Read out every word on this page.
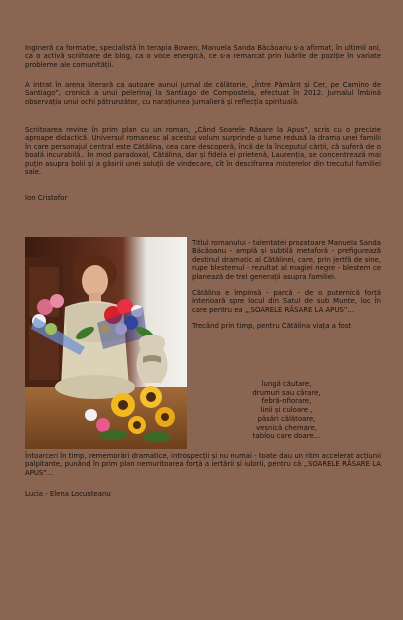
Ingineră ca formație, specialistă în terapia Bowen, Manuela Sanda Băcăoanu s-a afirmat, în ultimii ani, ca o activă scriitoare de blog, ca o voce energică, ce s-a remarcat prin luările de poziție în variate probleme ale comunității.

A intrat în arena literară ca autoare aunui jurnal de călătorie, „Între Pământ și Cer, pe Camino de Santiago”, cronică a unui pelerinaj la Santiago de Compostela, efectuat în 2012. Jurnalul îmbină observația unui ochi pătrunzător, cu narațiunea jurnalieră și reflecția spirituală.

Scriitoarea revine în prim plan cu un roman, „Când Soarele Răsare la Apus”, scris cu o precizie aproape didactică. Universul romanesc al acestui volum surprinde o lume redusă la drama unei familii în care personajul central este Cătălina, cea care descoperă, încă de la începutul cărții, că suferă de o boală incurabilă.. În mod paradoxal, Cătălina, dar și fidela ei prietenă, Laurenția, se concentrează mai puțin asupra bolii și a găsirii unei soluții de vindecare, cît în descifrarea misterelor din trecutul familiei sale.

Ion Cristofor

Titlul romanului - talentatei prozatoare Manuela Sanda Băcăoanu - amplă și subtilă metaforă - prefigurează destinul dramatic al Cătălinei, care, prin jertfă de sine, rupe blestemul - rezultat al magiei negre - blestem ce planează de trei generații asupra familiei.

Cătălina e împinsă - parcă - de o puternică forță interioară spre locul din Satul de sub Munte, loc în care pentru ea „,SOARELE RĂSARE LA APUS”...

Trecând prin timp, pentru Cătălina viața a fost

lungă căutare,
drumuri sau cărare,
febră-nfiorare,
linii și culoare ,
păsări călătoare,
veșnică chemare,
tablou care doare...

Întoarceri în timp, rememorări dramatice, introspecții și nu numai - toate dau un ritm accelerat acțiunii palpitante, punând în prim plan nemuritoarea forță a iertării și iubirii, pentru că ,,SOARELE RĂSARE LA APUS”...

Lucia - Elena Locusteanu
